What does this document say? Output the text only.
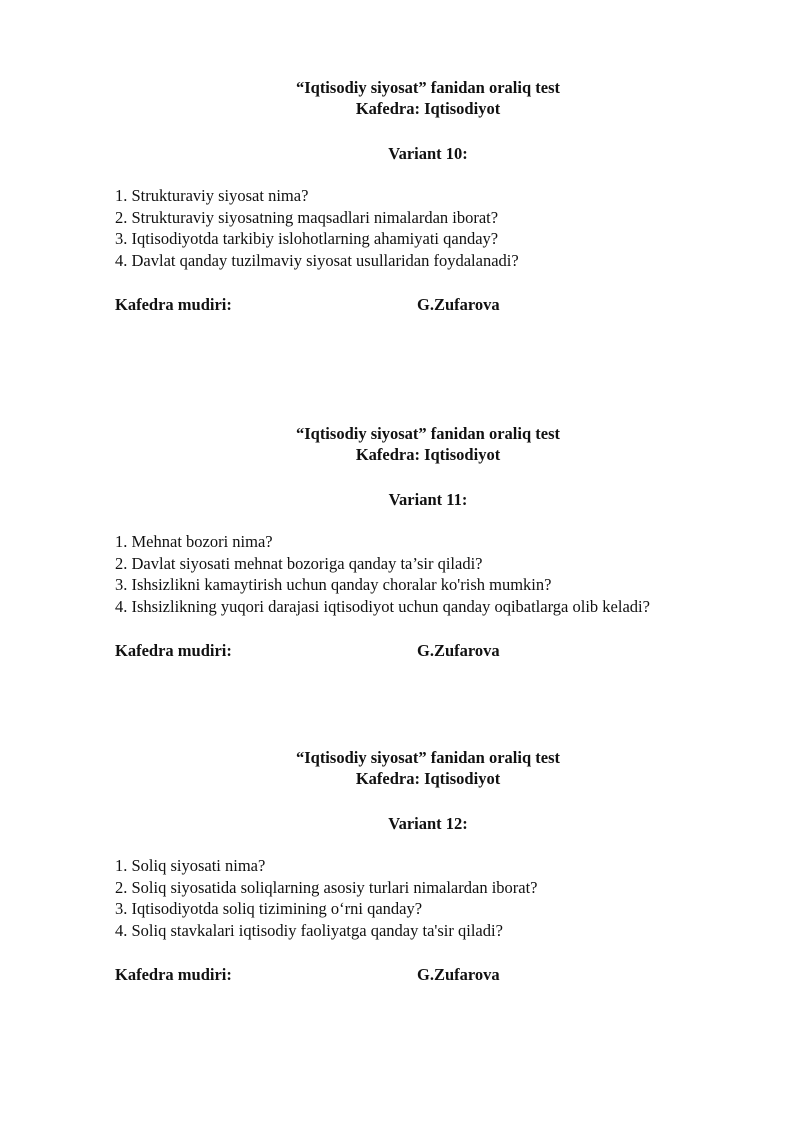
“Iqtisodiy siyosat” fanidan oraliq test
Kafedra: Iqtisodiyot
Variant 10:
1. Strukturaviy siyosat nima?
2. Strukturaviy siyosatning maqsadlari nimalardan iborat?
3. Iqtisodiyotda tarkibiy islohotlarning ahamiyati qanday?
4. Davlat qanday tuzilmaviy siyosat usullaridan foydalanadi?
Kafedra mudiri:	G.Zufarova
“Iqtisodiy siyosat” fanidan oraliq test
Kafedra: Iqtisodiyot
Variant 11:
1. Mehnat bozori nima?
2. Davlat siyosati mehnat bozoriga qanday ta’sir qiladi?
3. Ishsizlikni kamaytirish uchun qanday choralar ko'rish mumkin?
4. Ishsizlikning yuqori darajasi iqtisodiyot uchun qanday oqibatlarga olib keladi?
Kafedra mudiri:	G.Zufarova
“Iqtisodiy siyosat” fanidan oraliq test
Kafedra: Iqtisodiyot
Variant 12:
1. Soliq siyosati nima?
2. Soliq siyosatida soliqlarning asosiy turlari nimalardan iborat?
3. Iqtisodiyotda soliq tizimining o‘rni qanday?
4. Soliq stavkalari iqtisodiy faoliyatga qanday ta'sir qiladi?
Kafedra mudiri:	G.Zufarova
